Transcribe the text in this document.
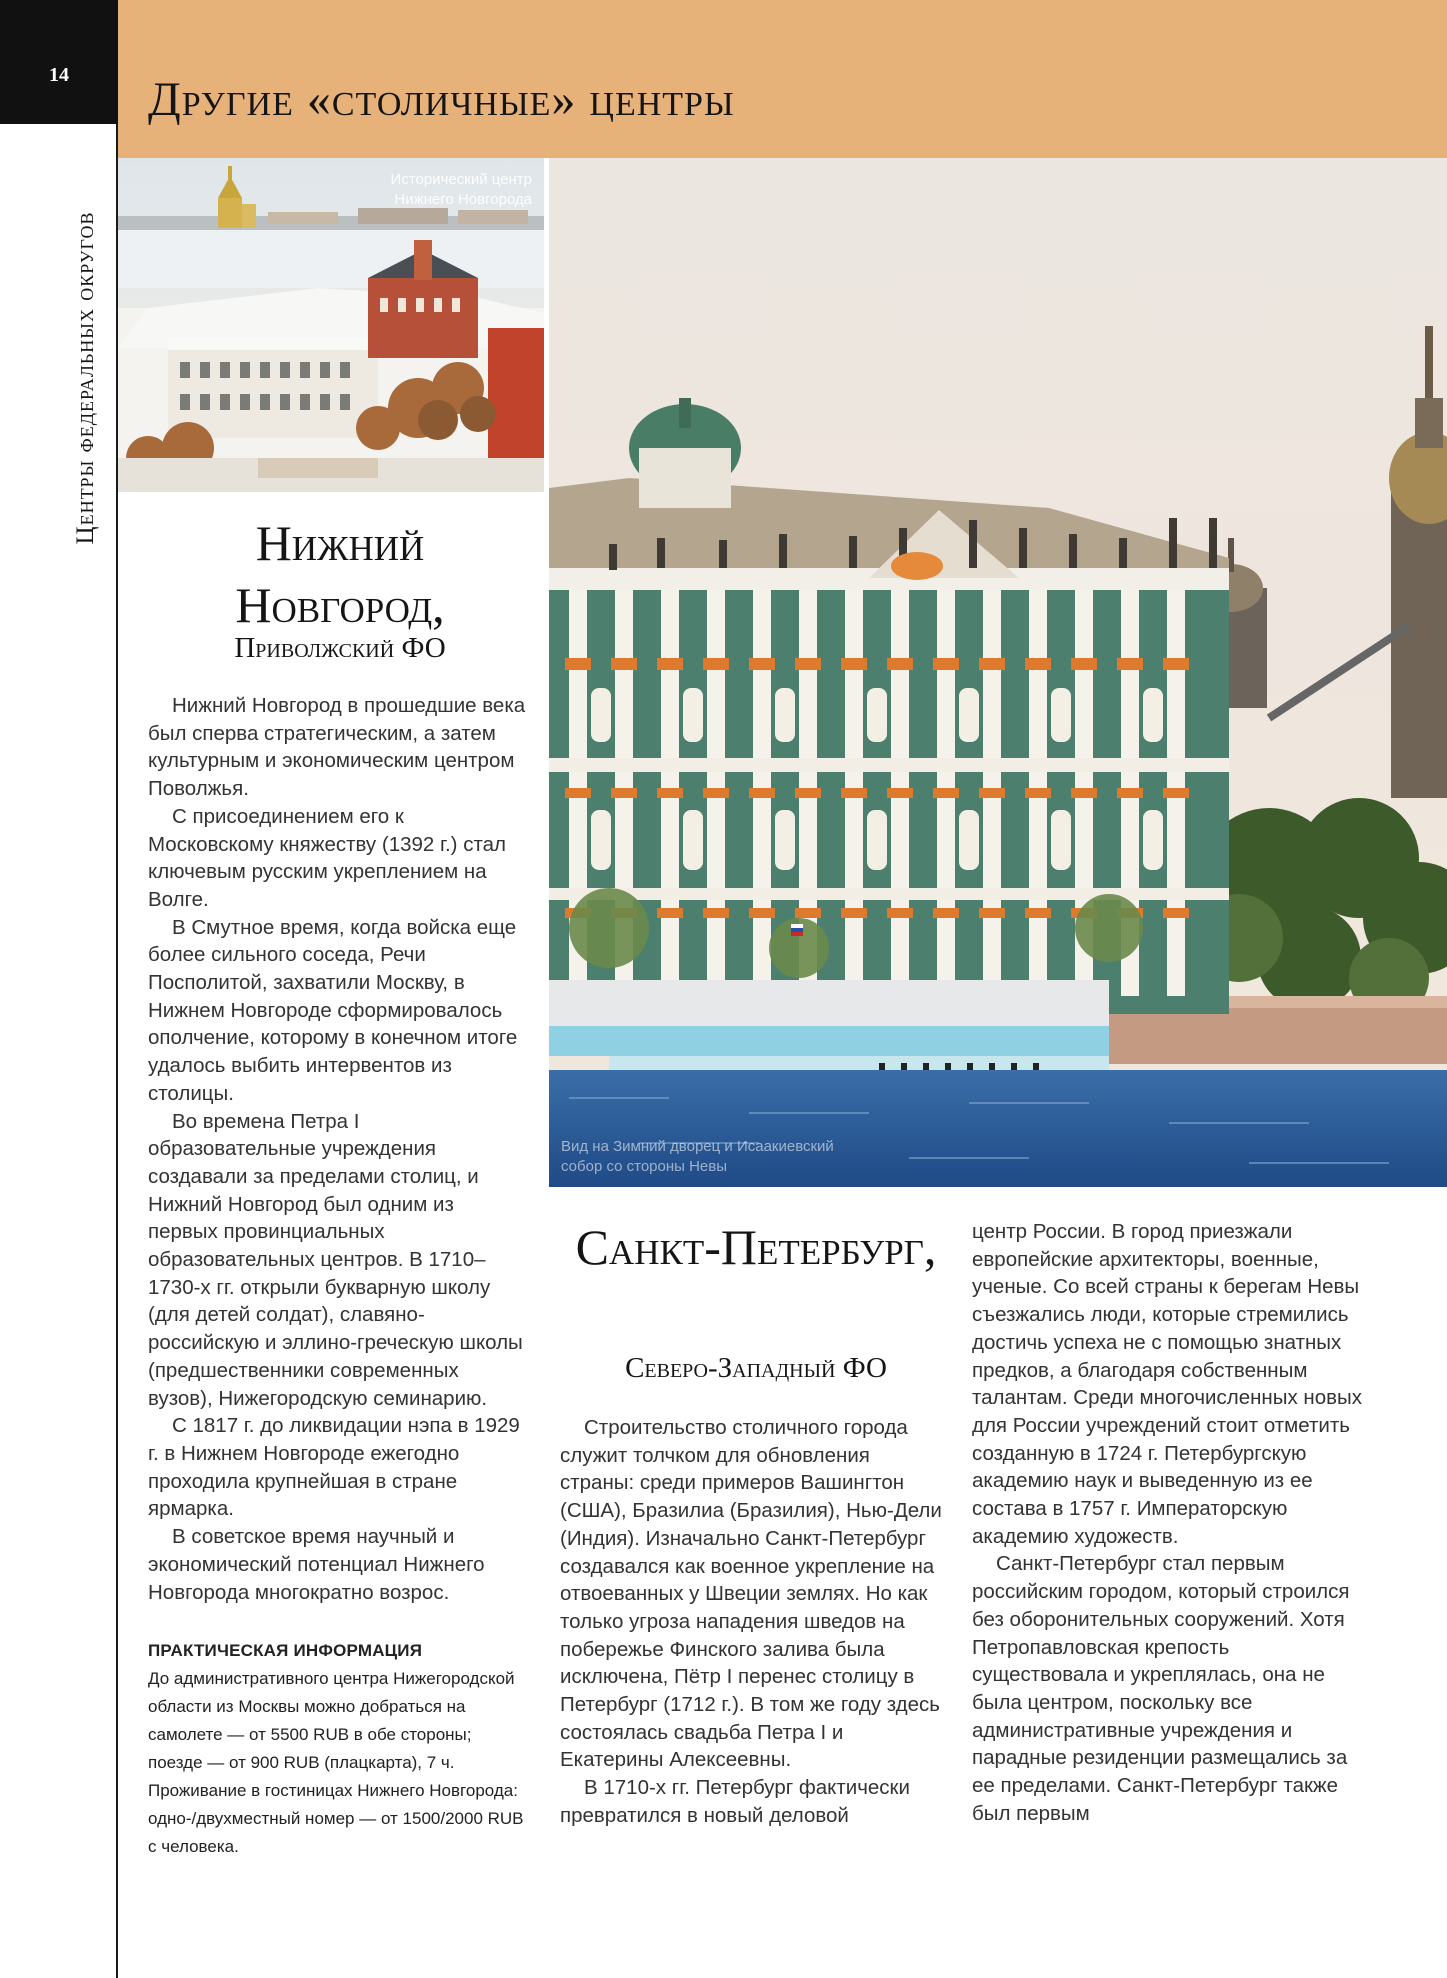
14	Другие «столичные» центры
Центры федеральных округов
Исторический центр Нижнего Новгорода
Вид на Зимний дворец и Исаакиевский собор со стороны Невы
Нижний Новгород,
Приволжский ФО

Нижний Новгород в прошедшие века был сперва стратегическим, а затем культурным и экономическим центром Поволжья.

С присоединением его к Московскому княжеству (1392 г.) стал ключевым русским укреплением на Волге.

В Смутное время, когда войска еще более сильного соседа, Речи Посполитой, захватили Москву, в Нижнем Новгороде сформировалось ополчение, которому в конечном итоге удалось выбить интервентов из столицы.

Во времена Петра I образовательные учреждения создавали за пределами столиц, и Нижний Новгород был одним из первых провинциальных образовательных центров. В 1710–1730-х гг. открыли букварную школу (для детей солдат), славяно-российскую и эллино-греческую школы (предшественники современных вузов), Нижегородскую семинарию.

С 1817 г. до ликвидации нэпа в 1929 г. в Нижнем Новгороде ежегодно проходила крупнейшая в стране ярмарка.

В советское время научный и экономический потенциал Нижнего Новгорода многократно возрос.

ПРАКТИЧЕСКАЯ ИНФОРМАЦИЯ
До административного центра Нижегородской области из Москвы можно добраться на самолете — от 5500 RUB в обе стороны; поезде — от 900 RUB (плацкарта), 7 ч. Проживание в гостиницах Нижнего Новгорода: одно-/двухместный номер — от 1500/2000 RUB с человека.
Санкт-Петербург,
Северо-Западный ФО

Строительство столичного города служит толчком для обновления страны: среди примеров Вашингтон (США), Бразилиа (Бразилия), Нью-Дели (Индия). Изначально Санкт-Петербург создавался как военное укрепление на отвоеванных у Швеции землях. Но как только угроза нападения шведов на побережье Финского залива была исключена, Пётр I перенес столицу в Петербург (1712 г.). В том же году здесь состоялась свадьба Петра I и Екатерины Алексеевны.

В 1710-х гг. Петербург фактически превратился в новый деловой

центр России. В город приезжали европейские архитекторы, военные, ученые. Со всей страны к берегам Невы съезжались люди, которые стремились достичь успеха не с помощью знатных предков, а благодаря собственным талантам. Среди многочисленных новых для России учреждений стоит отметить созданную в 1724 г. Петербургскую академию наук и выведенную из ее состава в 1757 г. Императорскую академию художеств.

Санкт-Петербург стал первым российским городом, который строился без оборонительных сооружений. Хотя Петропавловская крепость существовала и укреплялась, она не была центром, поскольку все административные учреждения и парадные резиденции размещались за ее пределами. Санкт-Петербург также был первым
